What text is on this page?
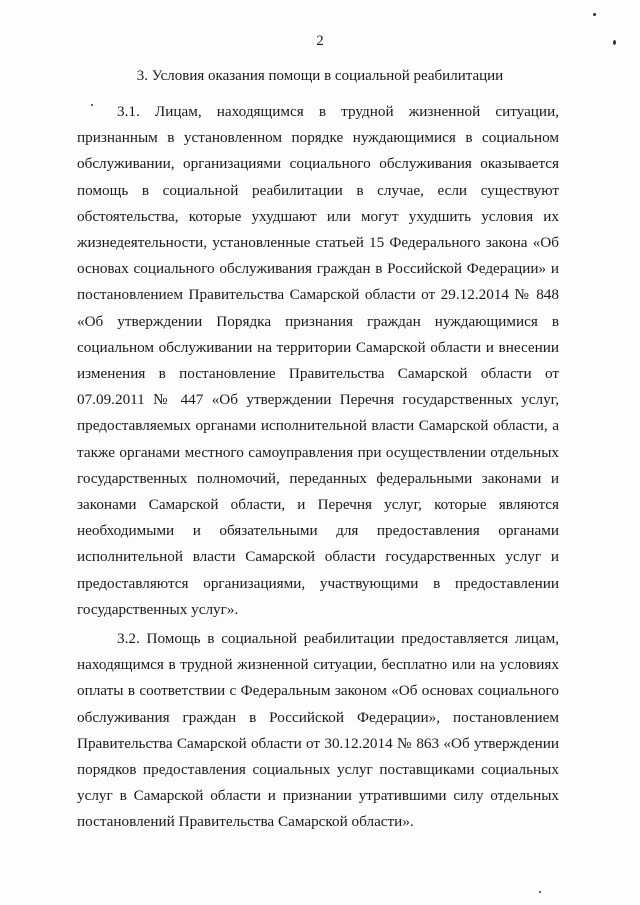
2
3. Условия оказания помощи в социальной реабилитации

3.1. Лицам, находящимся в трудной жизненной ситуации, признанным в установленном порядке нуждающимися в социальном обслуживании, организациями социального обслуживания оказывается помощь в социальной реабилитации в случае, если существуют обстоятельства, которые ухудшают или могут ухудшить условия их жизнедеятельности, установленные статьей 15 Федерального закона «Об основах социального обслуживания граждан в Российской Федерации» и постановлением Правительства Самарской области от 29.12.2014 № 848 «Об утверждении Порядка признания граждан нуждающимися в социальном обслуживании на территории Самарской области и внесении изменения в постановление Правительства Самарской области от 07.09.2011 № 447 «Об утверждении Перечня государственных услуг, предоставляемых органами исполнительной власти Самарской области, а также органами местного самоуправления при осуществлении отдельных государственных полномочий, переданных федеральными законами и законами Самарской области, и Перечня услуг, которые являются необходимыми и обязательными для предоставления органами исполнительной власти Самарской области государственных услуг и предоставляются организациями, участвующими в предоставлении государственных услуг».

3.2. Помощь в социальной реабилитации предоставляется лицам, находящимся в трудной жизненной ситуации, бесплатно или на условиях оплаты в соответствии с Федеральным законом «Об основах социального обслуживания граждан в Российской Федерации», постановлением Правительства Самарской области от 30.12.2014 № 863 «Об утверждении порядков предоставления социальных услуг поставщиками социальных услуг в Самарской области и признании утратившими силу отдельных постановлений Правительства Самарской области».
